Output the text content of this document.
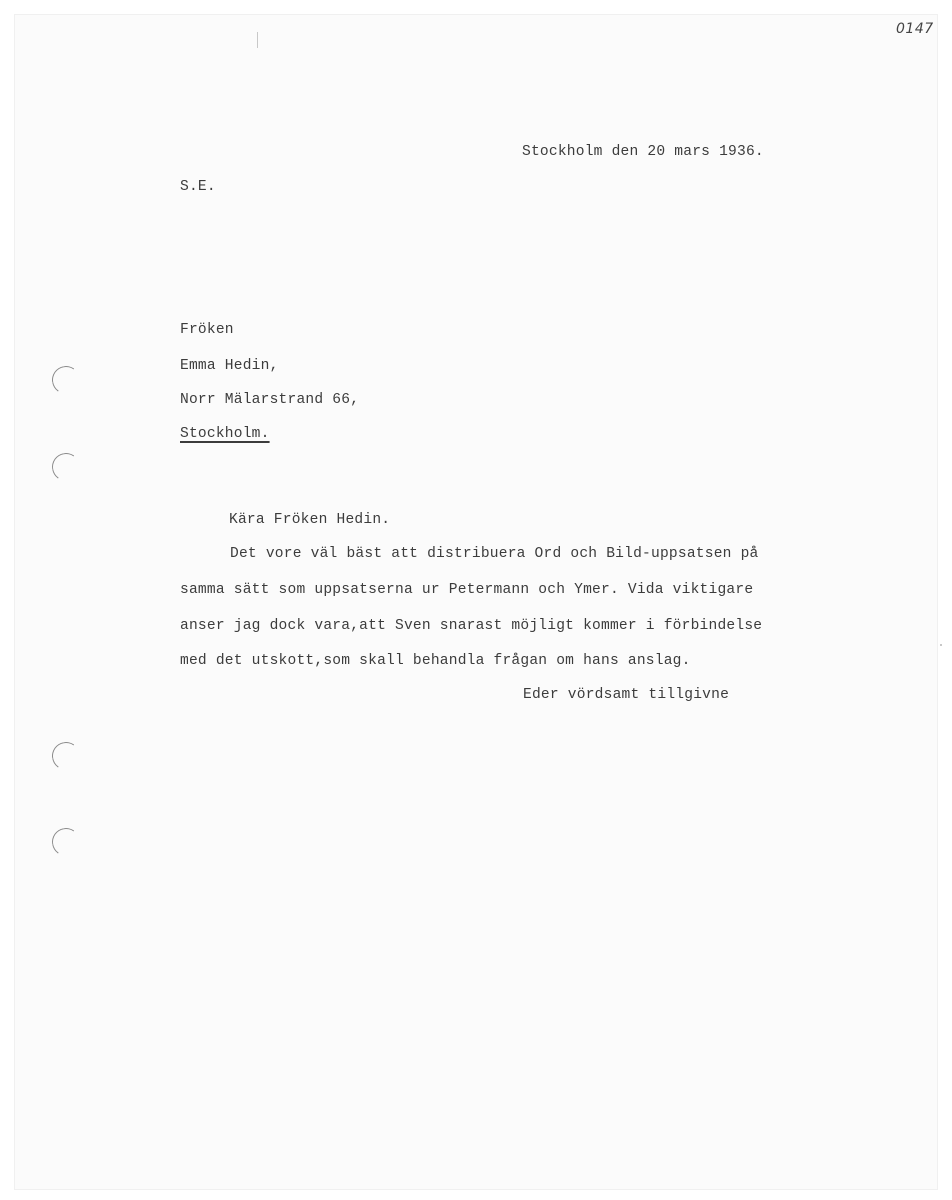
0147
Stockholm den 20 mars 1936.
S.E.
Fröken
Emma Hedin,
Norr Mälarstrand 66,
Stockholm.
Kära Fröken Hedin.
Det vore väl bäst att distribuera Ord och Bild-uppsatsen på
samma sätt som uppsatserna ur Petermann och Ymer. Vida viktigare
anser jag dock vara,att Sven snarast möjligt kommer i förbindelse
med det utskott,som skall behandla frågan om hans anslag.
Eder vördsamt tillgivne
